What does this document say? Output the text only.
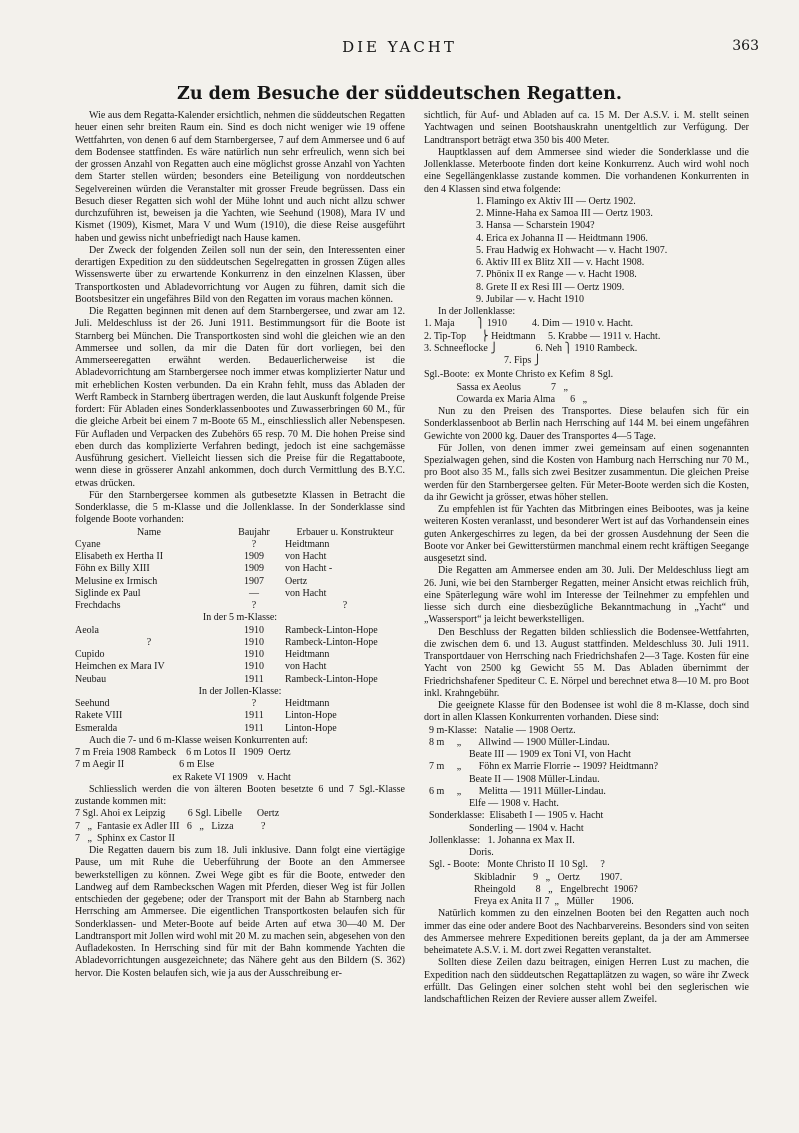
DIE YACHT	363
Zu dem Besuche der süddeutschen Regatten.

Wie aus dem Regatta-Kalender ersichtlich, nehmen die süddeutschen Regatten heuer einen sehr breiten Raum ein. Sind es doch nicht weniger wie 19 offene Wettfahrten, von denen 6 auf dem Starnbergersee, 7 auf dem Ammersee und 6 auf dem Bodensee stattfinden. Es wäre natürlich nun sehr erfreulich, wenn sich bei der grossen Anzahl von Regatten auch eine möglichst grosse Anzahl von Yachten dem Starter stellen würden; besonders eine Beteiligung von norddeutschen Segelvereinen würden die Veranstalter mit grosser Freude begrüssen. Dass ein Besuch dieser Regatten sich wohl der Mühe lohnt und auch nicht allzu schwer durchzuführen ist, beweisen ja die Yachten, wie Seehund (1908), Mara IV und Kismet (1909), Kismet, Mara V und Wum (1910), die diese Reise ausgeführt haben und gewiss nicht unbefriedigt nach Hause kamen.

Der Zweck der folgenden Zeilen soll nun der sein, den Interessenten einer derartigen Expedition zu den süddeutschen Segelregatten in grossen Zügen alles Wissenswerte über zu erwartende Konkurrenz in den einzelnen Klassen, über Transportkosten und Abladevorrichtung vor Augen zu führen, damit sich die Bootsbesitzer ein ungefähres Bild von den Regatten im voraus machen können.

Die Regatten beginnen mit denen auf dem Starnbergersee, und zwar am 12. Juli. Meldeschluss ist der 26. Juni 1911. Bestimmungsort für die Boote ist Starnberg bei München. Die Transportkosten sind wohl die gleichen wie an den Ammersee und sollen, da mir die Daten für dort vorliegen, bei den Ammerseeregatten erwähnt werden. Bedauerlicherweise ist die Abladevorrichtung am Starnbergersee noch immer etwas komplizierter Natur und mit erheblichen Kosten verbunden. Da ein Krahn fehlt, muss das Abladen der Werft Rambeck in Starnberg übertragen werden, die laut Auskunft folgende Preise fordert: Für Abladen eines Sonderklassenbootes und Zuwasserbringen 60 M., für die gleiche Arbeit bei einem 7 m-Boote 65 M., einschliesslich aller Nebenspesen. Für Aufladen und Verpacken des Zubehörs 65 resp. 70 M. Die hohen Preise sind eben durch das komplizierte Verfahren bedingt, jedoch ist eine sachgemässe Ausführung gesichert. Vielleicht liessen sich die Preise für die Regattaboote, wenn diese in grösserer Anzahl ankommen, doch durch Vermittlung des B.Y.C. etwas drücken.

Für den Starnbergersee kommen als gutbesetzte Klassen in Betracht die Sonderklasse, die 5 m-Klasse und die Jollenklasse. In der Sonderklasse sind folgende Boote vorhanden:

Name	Baujahr	Erbauer u. Konstrukteur
Cyane	?	Heidtmann
Elisabeth ex Hertha II	1909	von Hacht
Föhn ex Billy XIII	1909	von Hacht -
Melusine ex Irmisch	1907	Oertz
Siglinde ex Paul	—	von Hacht
Frechdachs	?	?
In der 5 m-Klasse:		
Aeola	1910	Rambeck-Linton-Hope
?	1910	Rambeck-Linton-Hope
Cupido	1910	Heidtmann
Heimchen ex Mara IV	1910	von Hacht
Neubau	1911	Rambeck-Linton-Hope
In der Jollen-Klasse:		
Seehund	?	Heidtmann
Rakete VIII	1911	Linton-Hope
Esmeralda	1911	Linton-Hope

Auch die 7- und 6 m-Klasse weisen Konkurrenten auf:

7 m Freia 1908 Rambeck    6 m Lotos II   1909  Oertz
7 m Aegir II                      6 m Else
ex Rakete VI 1909    v. Hacht

Schliesslich werden die von älteren Booten besetzte 6 und 7 Sgl.-Klasse zustande kommen mit:

7 Sgl. Ahoi ex Leipzig         6 Sgl. Libelle      Oertz
7   „  Fantasie ex Adler III   6   „   Lizza           ?
7   „  Sphinx ex Castor II

Die Regatten dauern bis zum 18. Juli inklusive. Dann folgt eine viertägige Pause, um mit Ruhe die Ueberführung der Boote an den Ammersee bewerkstelligen zu können. Zwei Wege gibt es für die Boote, entweder den Landweg auf dem Rambeckschen Wagen mit Pferden, dieser Weg ist für Jollen entschieden der gegebene; oder der Transport mit der Bahn ab Starnberg nach Herrsching am Ammersee. Die eigentlichen Transportkosten belaufen sich für Sonderklassen- und Meter-Boote auf beide Arten auf etwa 30—40 M. Der Landtransport mit Jollen wird wohl mit 20 M. zu machen sein, abgesehen von den Aufladekosten. In Herrsching sind für mit der Bahn kommende Yachten die Abladevorrichtungen ausgezeichnete; das Nähere geht aus den Bildern (S. 362) hervor. Die Kosten belaufen sich, wie ja aus der Ausschreibung er-

sichtlich, für Auf- und Abladen auf ca. 15 M. Der A.S.V. i. M. stellt seinen Yachtwagen und seinen Bootshauskrahn unentgeltlich zur Verfügung. Der Landtransport beträgt etwa 350 bis 400 Meter.

Hauptklassen auf dem Ammersee sind wieder die Sonderklasse und die Jollenklasse. Meterboote finden dort keine Konkurrenz. Auch wird wohl noch eine Segellängenklasse zustande kommen. Die vorhandenen Konkurrenten in den 4 Klassen sind etwa folgende:

1. Flamingo ex Aktiv III — Oertz 1902.
2. Minne-Haha ex Samoa III — Oertz 1903.
3. Hansa — Scharstein 1904?
4. Erica ex Johanna II — Heidtmann 1906.
5. Frau Hadwig ex Hohwacht — v. Hacht 1907.
6. Aktiv III ex Blitz XII — v. Hacht 1908.
7. Phönix II ex Range — v. Hacht 1908.
8. Grete II ex Resi III — Oertz 1909.
9. Jubilar — v. Hacht 1910

In der Jollenklasse:

1. Maja         ⎫ 1910          4. Dim — 1910 v. Hacht.
2. Tip-Top      ⎬ Heidtmann     5. Krabbe — 1911 v. Hacht.
3. Schneeflocke ⎭               6. Neh ⎫ 1910 Rambeck.
7. Fips ⎭
Sgl.-Boote:  ex Monte Christo ex Kefim  8 Sgl.
Sassa ex Aeolus            7   „
Cowarda ex Maria Alma      6   „

Nun zu den Preisen des Transportes. Diese belaufen sich für ein Sonderklassenboot ab Berlin nach Herrsching auf 144 M. bei einem ungefähren Gewichte von 2000 kg. Dauer des Transportes 4—5 Tage.

Für Jollen, von denen immer zwei gemeinsam auf einen sogenannten Spezialwagen gehen, sind die Kosten von Hamburg nach Herrsching nur 70 M., pro Boot also 35 M., falls sich zwei Besitzer zusammentun. Die gleichen Preise werden für den Starnbergersee gelten. Für Meter-Boote werden sich die Kosten, da ihr Gewicht ja grösser, etwas höher stellen.

Zu empfehlen ist für Yachten das Mitbringen eines Beibootes, was ja keine weiteren Kosten veranlasst, und besonderer Wert ist auf das Vorhandensein eines guten Ankergeschirres zu legen, da bei der grossen Ausdehnung der Seen die Boote vor Anker bei Gewitterstürmen manchmal einem recht kräftigen Seegange ausgesetzt sind.

Die Regatten am Ammersee enden am 30. Juli. Der Meldeschluss liegt am 26. Juni, wie bei den Starnberger Regatten, meiner Ansicht etwas reichlich früh, eine Späterlegung wäre wohl im Interesse der Teilnehmer zu empfehlen und liesse sich durch eine diesbezügliche Bekanntmachung in „Yacht“ und „Wassersport“ ja leicht bewerkstelligen.

Den Beschluss der Regatten bilden schliesslich die Bodensee-Wettfahrten, die zwischen dem 6. und 13. August stattfinden. Meldeschluss 30. Juli 1911. Transportdauer von Herrsching nach Friedrichshafen 2—3 Tage. Kosten für eine Yacht von 2500 kg Gewicht 55 M. Das Abladen übernimmt der Friedrichshafener Spediteur C. E. Nörpel und berechnet etwa 8—10 M. pro Boot inkl. Krahngebühr.

Die geeignete Klasse für den Bodensee ist wohl die 8 m-Klasse, doch sind dort in allen Klassen Konkurrenten vorhanden. Diese sind:

9 m-Klasse:   Natalie — 1908 Oertz.
8 m     „       Allwind — 1900 Müller-Lindau.
Beate III — 1909 ex Toni VI, von Hacht
7 m     „       Föhn ex Marrie Florrie -- 1909? Heidtmann?
Beate II — 1908 Müller-Lindau.
6 m     „       Melitta — 1911 Müller-Lindau.
Elfe — 1908 v. Hacht.
Sonderklasse:  Elisabeth I — 1905 v. Hacht
Sonderling — 1904 v. Hacht
Jollenklasse:   1. Johanna ex Max II.
Doris.
Sgl. - Boote:   Monte Christo II  10 Sgl.     ?
Skibladnir       9   „   Oertz        1907.
Rheingold        8   „   Engelbrecht  1906?
Freya ex Anita II 7  „   Müller       1906.

Natürlich kommen zu den einzelnen Booten bei den Regatten auch noch immer das eine oder andere Boot des Nachbarvereins. Besonders sind von seiten des Ammersee mehrere Expeditionen bereits geplant, da ja der am Ammersee beheimatete A.S.V. i. M. dort zwei Regatten veranstaltet.

Sollten diese Zeilen dazu beitragen, einigen Herren Lust zu machen, die Expedition nach den süddeutschen Regattaplätzen zu wagen, so wäre ihr Zweck erfüllt. Das Gelingen einer solchen steht wohl bei den seglerischen wie landschaftlichen Reizen der Reviere ausser allem Zweifel.
